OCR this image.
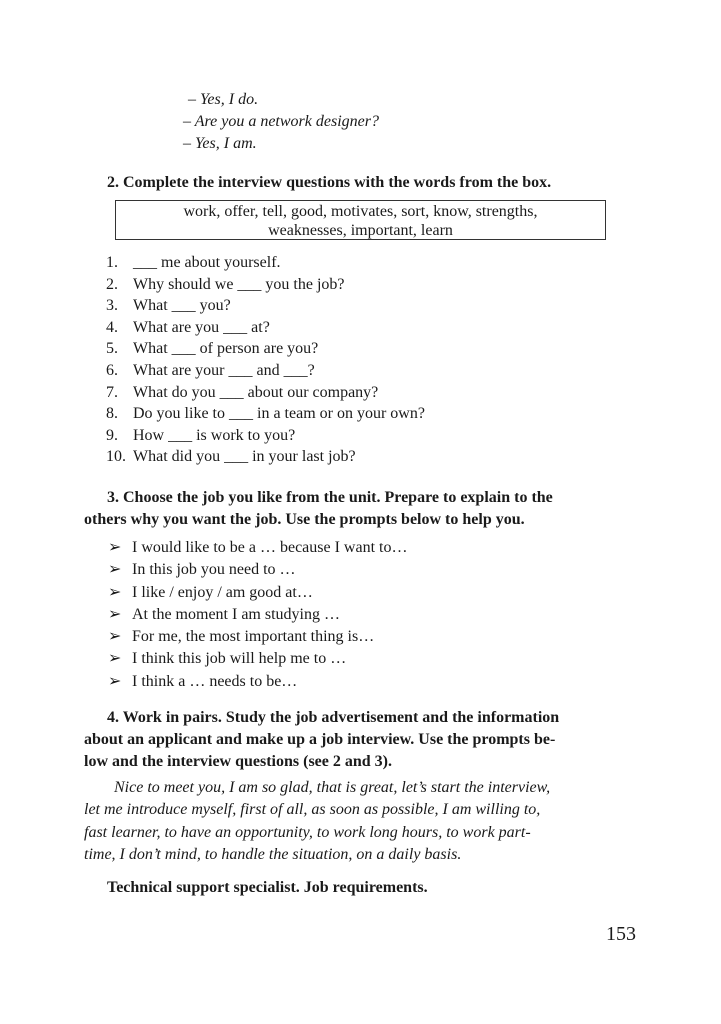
– Yes, I do.
– Are you a network designer?
– Yes, I am.
2. Complete the interview questions with the words from the box.
work, offer, tell, good, motivates, sort, know, strengths,
weaknesses, important, learn
1. ___ me about yourself.
2. Why should we ___ you the job?
3. What ___ you?
4. What are you ___ at?
5. What ___ of person are you?
6. What are your ___ and ___?
7. What do you ___ about our company?
8. Do you like to ___ in a team or on your own?
9. How ___ is work to you?
10. What did you ___ in your last job?
3. Choose the job you like from the unit. Prepare to explain to the
others why you want the job. Use the prompts below to help you.
➢ I would like to be a … because I want to…
➢ In this job you need to …
➢ I like / enjoy / am good at…
➢ At the moment I am studying …
➢ For me, the most important thing is…
➢ I think this job will help me to …
➢ I think a … needs to be…
4. Work in pairs. Study the job advertisement and the information
about an applicant and make up a job interview. Use the prompts be-
low and the interview questions (see 2 and 3).
Nice to meet you, I am so glad, that is great, let’s start the interview,
let me introduce myself, first of all, as soon as possible, I am willing to,
fast learner, to have an opportunity, to work long hours, to work part-
time, I don’t mind, to handle the situation, on a daily basis.
Technical support specialist. Job requirements.
153
